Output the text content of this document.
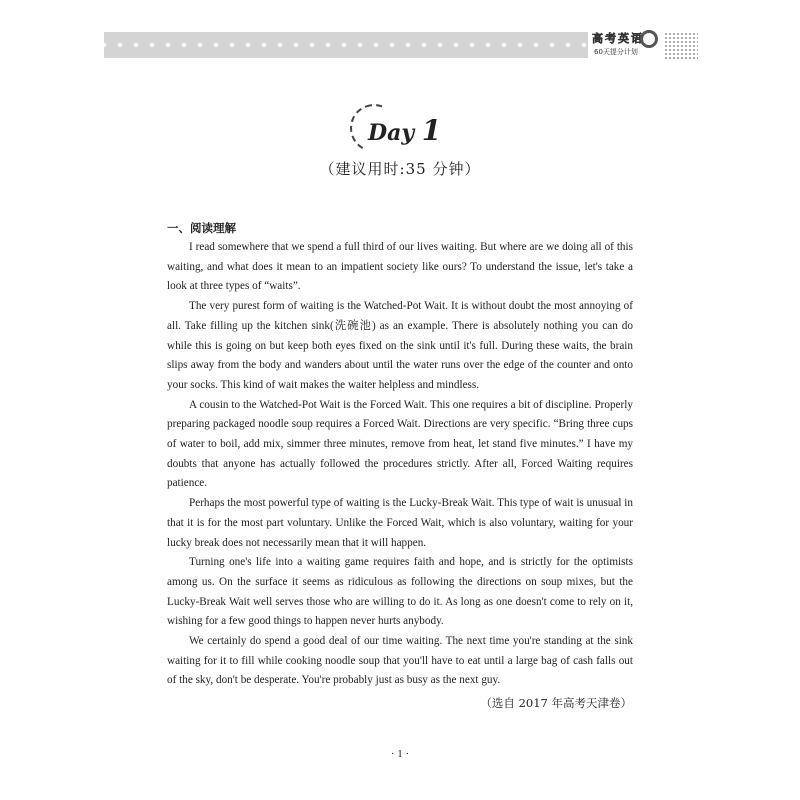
高考英语
60天提分计划
Day 1
（建议用时:35 分钟）
一、阅读理解

I read somewhere that we spend a full third of our lives waiting. But where are we doing all of this waiting, and what does it mean to an impatient society like ours? To understand the issue, let's take a look at three types of “waits”.

The very purest form of waiting is the Watched-Pot Wait. It is without doubt the most annoying of all. Take filling up the kitchen sink(洗碗池) as an example. There is absolutely nothing you can do while this is going on but keep both eyes fixed on the sink until it's full. During these waits, the brain slips away from the body and wanders about until the water runs over the edge of the counter and onto your socks. This kind of wait makes the waiter helpless and mindless.

A cousin to the Watched-Pot Wait is the Forced Wait. This one requires a bit of discipline. Properly preparing packaged noodle soup requires a Forced Wait. Directions are very specific. “Bring three cups of water to boil, add mix, simmer three minutes, remove from heat, let stand five minutes.” I have my doubts that anyone has actually followed the procedures strictly. After all, Forced Waiting requires patience.

Perhaps the most powerful type of waiting is the Lucky-Break Wait. This type of wait is unusual in that it is for the most part voluntary. Unlike the Forced Wait, which is also voluntary, waiting for your lucky break does not necessarily mean that it will happen.

Turning one's life into a waiting game requires faith and hope, and is strictly for the optimists among us. On the surface it seems as ridiculous as following the directions on soup mixes, but the Lucky-Break Wait well serves those who are willing to do it. As long as one doesn't come to rely on it, wishing for a few good things to happen never hurts anybody.

We certainly do spend a good deal of our time waiting. The next time you're standing at the sink waiting for it to fill while cooking noodle soup that you'll have to eat until a large bag of cash falls out of the sky, don't be desperate. You're probably just as busy as the next guy.

（选自 2017 年高考天津卷）
· 1 ·
